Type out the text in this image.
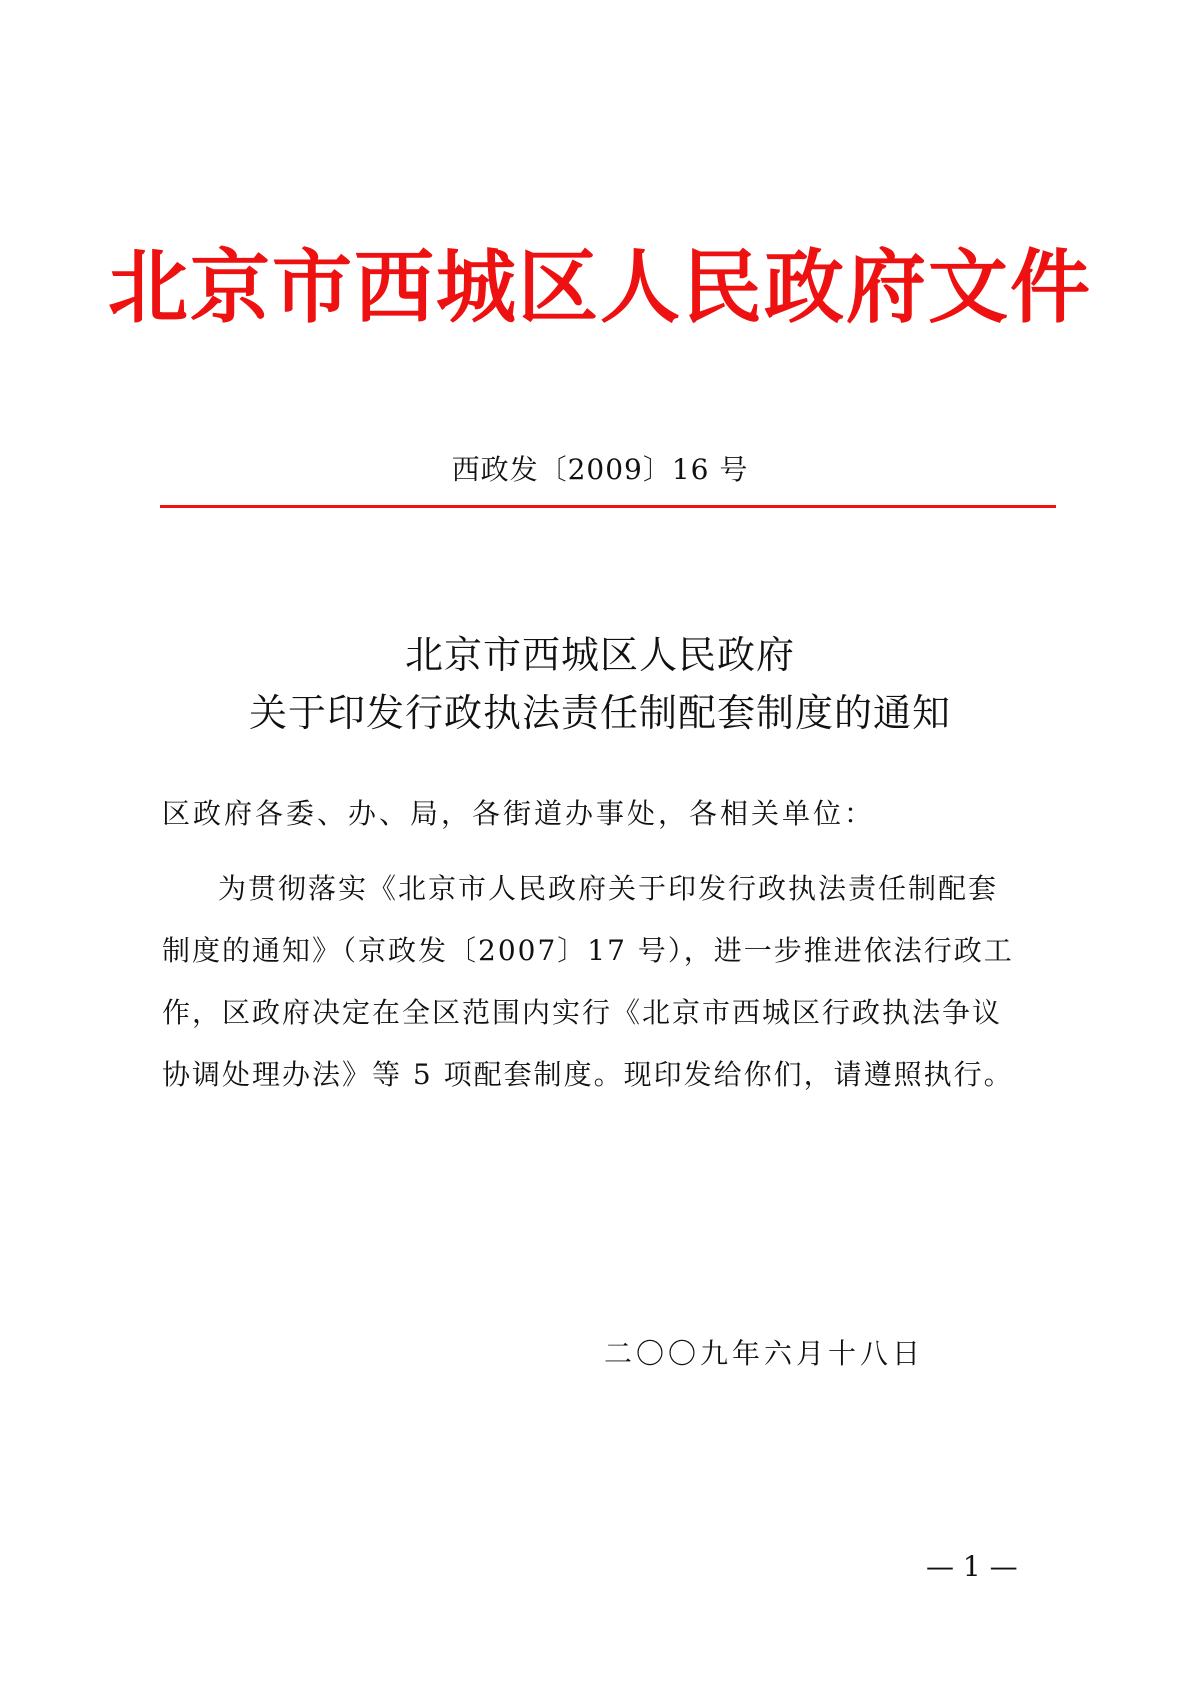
北京市西城区人民政府文件
西政发〔2009〕16 号
北京市西城区人民政府
关于印发行政执法责任制配套制度的通知
区政府各委、办、局，各街道办事处，各相关单位：
为贯彻落实《北京市人民政府关于印发行政执法责任制配套
制度的通知》（京政发〔2007〕17 号），进一步推进依法行政工
作，区政府决定在全区范围内实行《北京市西城区行政执法争议
协调处理办法》等 5 项配套制度。现印发给你们，请遵照执行。
二〇〇九年六月十八日
— 1 —
